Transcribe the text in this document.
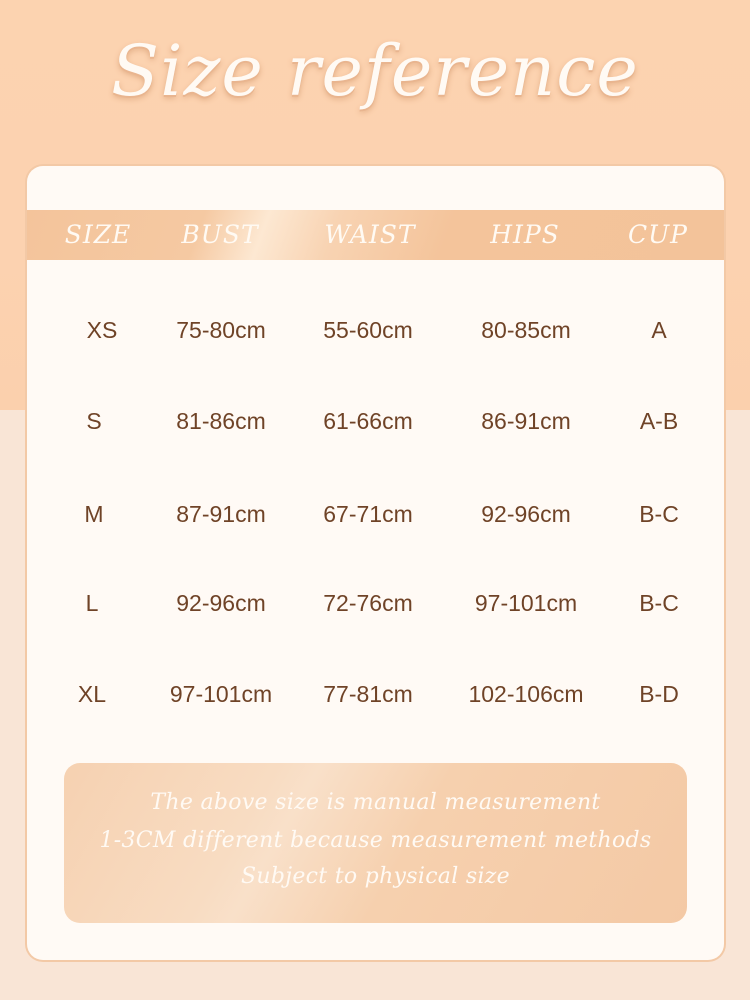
Size reference
SIZE	BUST	WAIST	HIPS	CUP
XS	75-80cm	55-60cm	80-85cm	A
S	81-86cm	61-66cm	86-91cm	A-B
M	87-91cm	67-71cm	92-96cm	B-C
L	92-96cm	72-76cm	97-101cm	B-C
XL	97-101cm	77-81cm	102-106cm	B-D
The above size is manual measurement
1-3CM different because measurement methods
Subject to physical size
